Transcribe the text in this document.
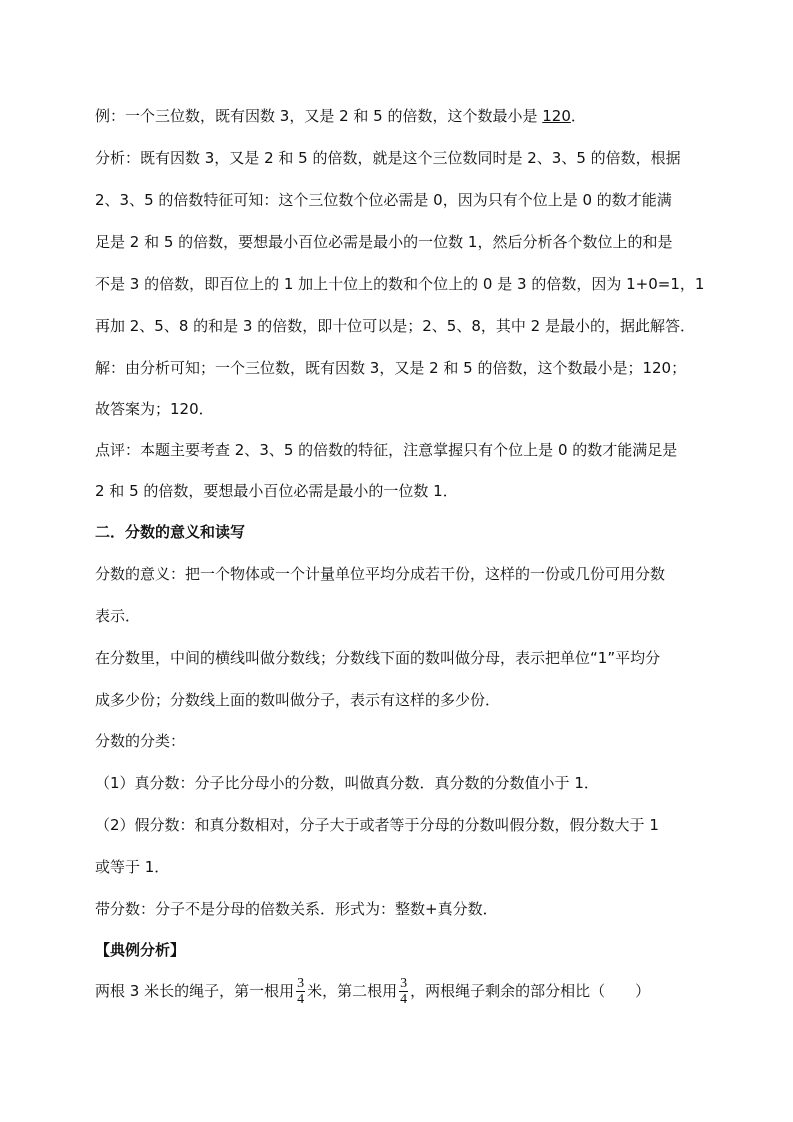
例：一个三位数，既有因数 3，又是 2 和 5 的倍数，这个数最小是 120．
分析：既有因数 3，又是 2 和 5 的倍数，就是这个三位数同时是 2、3、5 的倍数，根据
2、3、5 的倍数特征可知：这个三位数个位必需是 0，因为只有个位上是 0 的数才能满
足是 2 和 5 的倍数，要想最小百位必需是最小的一位数 1，然后分析各个数位上的和是
不是 3 的倍数，即百位上的 1 加上十位上的数和个位上的 0 是 3 的倍数，因为 1+0=1，1
再加 2、5、8 的和是 3 的倍数，即十位可以是；2、5、8，其中 2 是最小的，据此解答．
解：由分析可知；一个三位数，既有因数 3，又是 2 和 5 的倍数，这个数最小是；120；
故答案为；120．
点评：本题主要考查 2、3、5 的倍数的特征，注意掌握只有个位上是 0 的数才能满足是
2 和 5 的倍数，要想最小百位必需是最小的一位数 1．
二．分数的意义和读写
分数的意义：把一个物体或一个计量单位平均分成若干份，这样的一份或几份可用分数
表示．
在分数里，中间的横线叫做分数线；分数线下面的数叫做分母，表示把单位“1”平均分
成多少份；分数线上面的数叫做分子，表示有这样的多少份．
分数的分类：
（1）真分数：分子比分母小的分数，叫做真分数．真分数的分数值小于 1．
（2）假分数：和真分数相对，分子大于或者等于分母的分数叫假分数，假分数大于 1
或等于 1．
带分数：分子不是分母的倍数关系．形式为：整数+真分数．
【典例分析】
两根 3 米长的绳子，第一根用 $\frac{3}{4}$ 米，第二根用 $\frac{3}{4}$ ，两根绳子剩余的部分相比（　　）
